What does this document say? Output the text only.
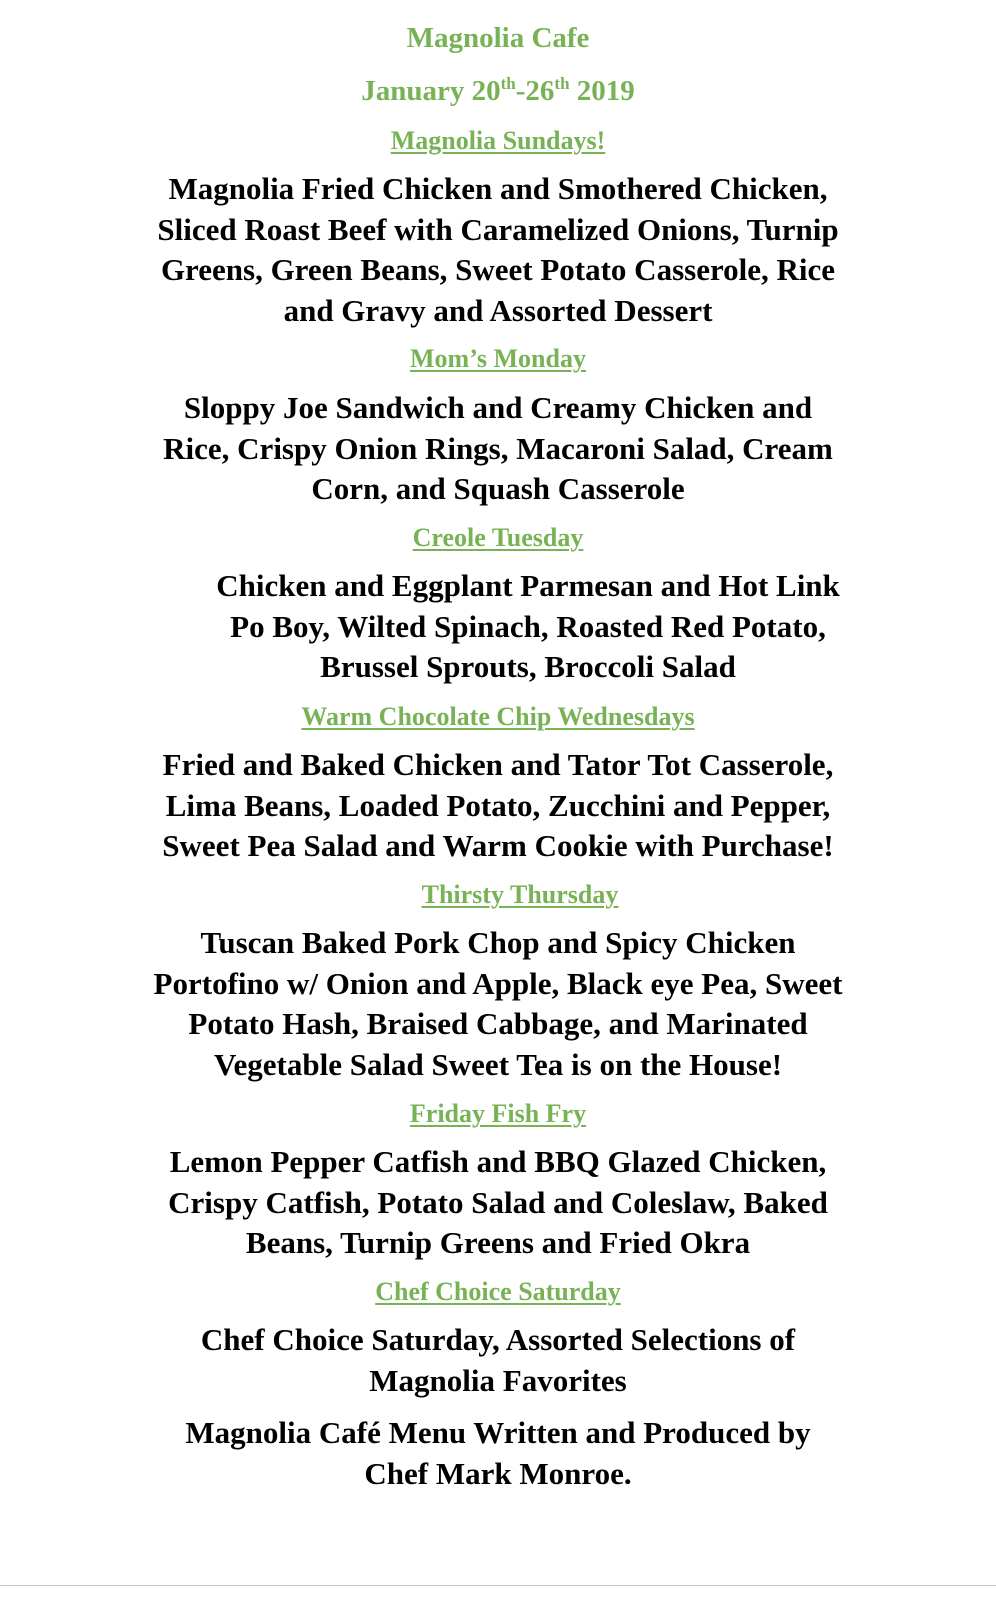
Magnolia Cafe
January 20th-26th 2019
Magnolia Sundays!
Magnolia Fried Chicken and Smothered Chicken,
Sliced Roast Beef with Caramelized Onions, Turnip
Greens, Green Beans, Sweet Potato Casserole, Rice
and Gravy and Assorted Dessert
Mom’s Monday
Sloppy Joe Sandwich and Creamy Chicken and
Rice, Crispy Onion Rings, Macaroni Salad, Cream
Corn, and Squash Casserole
Creole Tuesday
Chicken and Eggplant Parmesan and Hot Link
Po Boy, Wilted Spinach, Roasted Red Potato,
Brussel Sprouts, Broccoli Salad
Warm Chocolate Chip Wednesdays
Fried and Baked Chicken and Tator Tot Casserole,
Lima Beans, Loaded Potato, Zucchini and Pepper,
Sweet Pea Salad and Warm Cookie with Purchase!
Thirsty Thursday
Tuscan Baked Pork Chop and Spicy Chicken
Portofino w/ Onion and Apple, Black eye Pea, Sweet
Potato Hash, Braised Cabbage, and Marinated
Vegetable Salad Sweet Tea is on the House!
Friday Fish Fry
Lemon Pepper Catfish and BBQ Glazed Chicken,
Crispy Catfish, Potato Salad and Coleslaw, Baked
Beans, Turnip Greens and Fried Okra
Chef Choice Saturday
Chef Choice Saturday, Assorted Selections of
Magnolia Favorites
Magnolia Café Menu Written and Produced by
Chef Mark Monroe.
